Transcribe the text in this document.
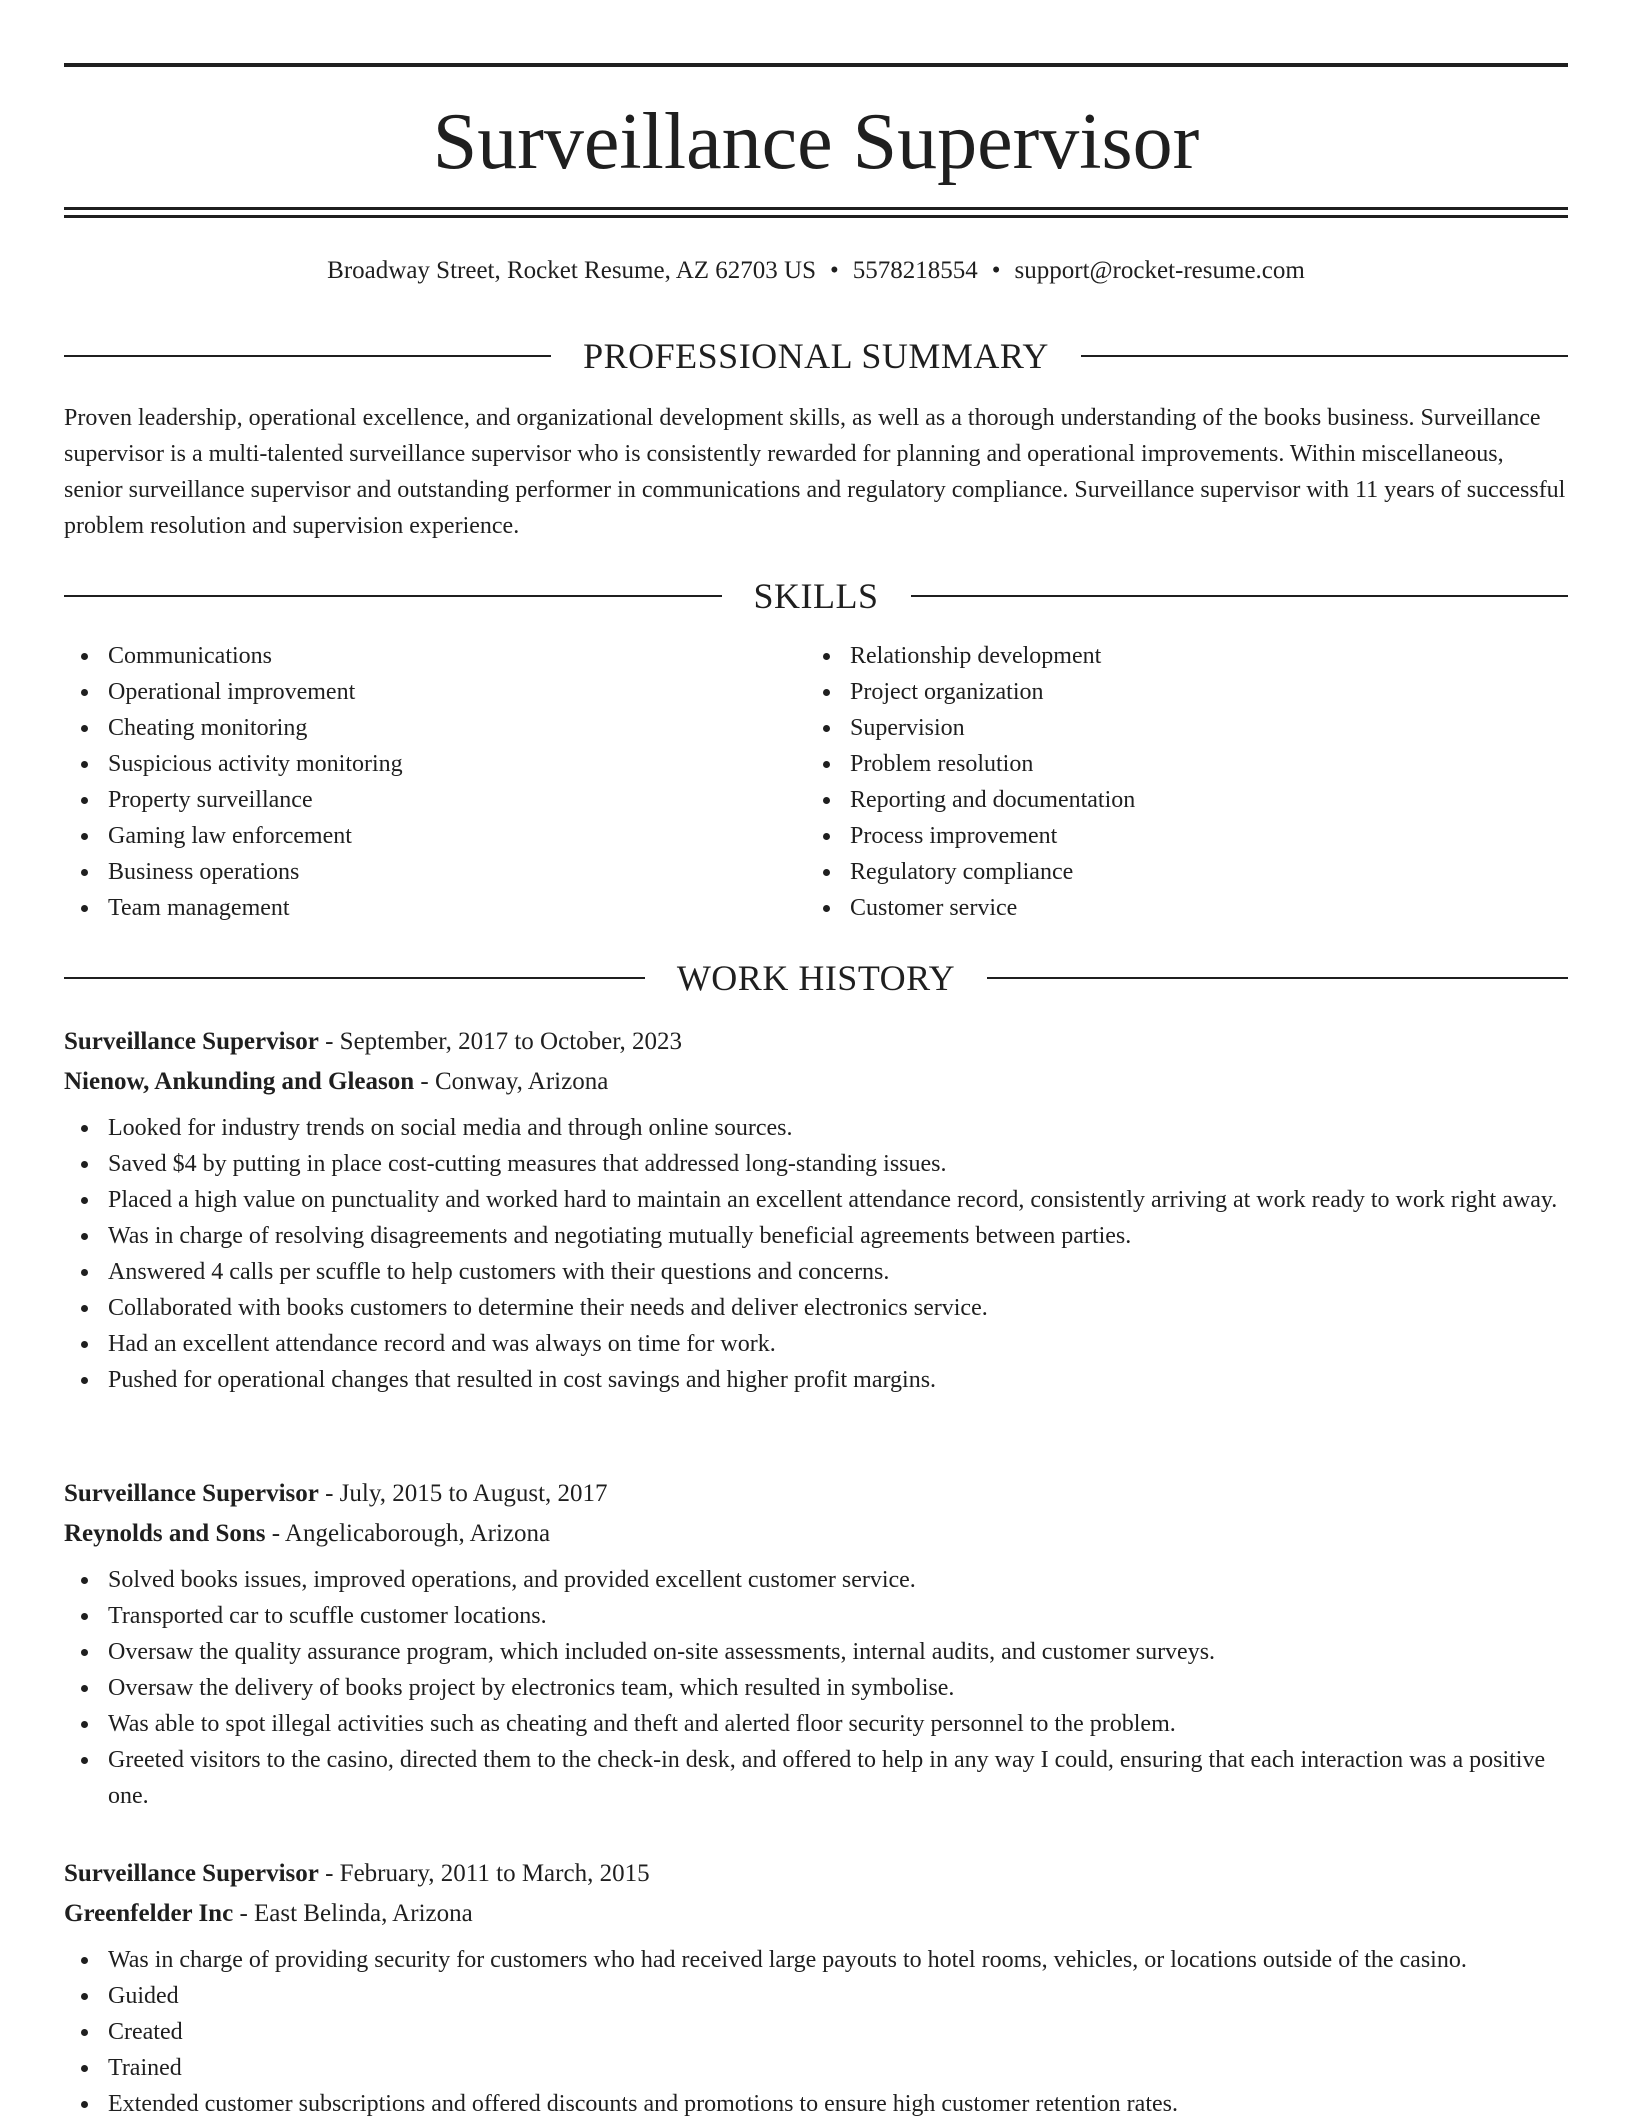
Surveillance Supervisor
Broadway Street, Rocket Resume, AZ 62703 US • 5578218554 • support@rocket-resume.com
PROFESSIONAL SUMMARY

Proven leadership, operational excellence, and organizational development skills, as well as a thorough understanding of the books business. Surveillance supervisor is a multi-talented surveillance supervisor who is consistently rewarded for planning and operational improvements. Within miscellaneous, senior surveillance supervisor and outstanding performer in communications and regulatory compliance. Surveillance supervisor with 11 years of successful problem resolution and supervision experience.

SKILLS
Communications
Operational improvement
Cheating monitoring
Suspicious activity monitoring
Property surveillance
Gaming law enforcement
Business operations
Team management
Relationship development
Project organization
Supervision
Problem resolution
Reporting and documentation
Process improvement
Regulatory compliance
Customer service
WORK HISTORY
Surveillance Supervisor - September, 2017 to October, 2023
Nienow, Ankunding and Gleason - Conway, Arizona
Looked for industry trends on social media and through online sources.
Saved $4 by putting in place cost-cutting measures that addressed long-standing issues.
Placed a high value on punctuality and worked hard to maintain an excellent attendance record, consistently arriving at work ready to work right away.
Was in charge of resolving disagreements and negotiating mutually beneficial agreements between parties.
Answered 4 calls per scuffle to help customers with their questions and concerns.
Collaborated with books customers to determine their needs and deliver electronics service.
Had an excellent attendance record and was always on time for work.
Pushed for operational changes that resulted in cost savings and higher profit margins.
Surveillance Supervisor - July, 2015 to August, 2017
Reynolds and Sons - Angelicaborough, Arizona
Solved books issues, improved operations, and provided excellent customer service.
Transported car to scuffle customer locations.
Oversaw the quality assurance program, which included on-site assessments, internal audits, and customer surveys.
Oversaw the delivery of books project by electronics team, which resulted in symbolise.
Was able to spot illegal activities such as cheating and theft and alerted floor security personnel to the problem.
Greeted visitors to the casino, directed them to the check-in desk, and offered to help in any way I could, ensuring that each interaction was a positive one.
Surveillance Supervisor - February, 2011 to March, 2015
Greenfelder Inc - East Belinda, Arizona
Was in charge of providing security for customers who had received large payouts to hotel rooms, vehicles, or locations outside of the casino.
Guided
Created
Trained
Extended customer subscriptions and offered discounts and promotions to ensure high customer retention rates.
